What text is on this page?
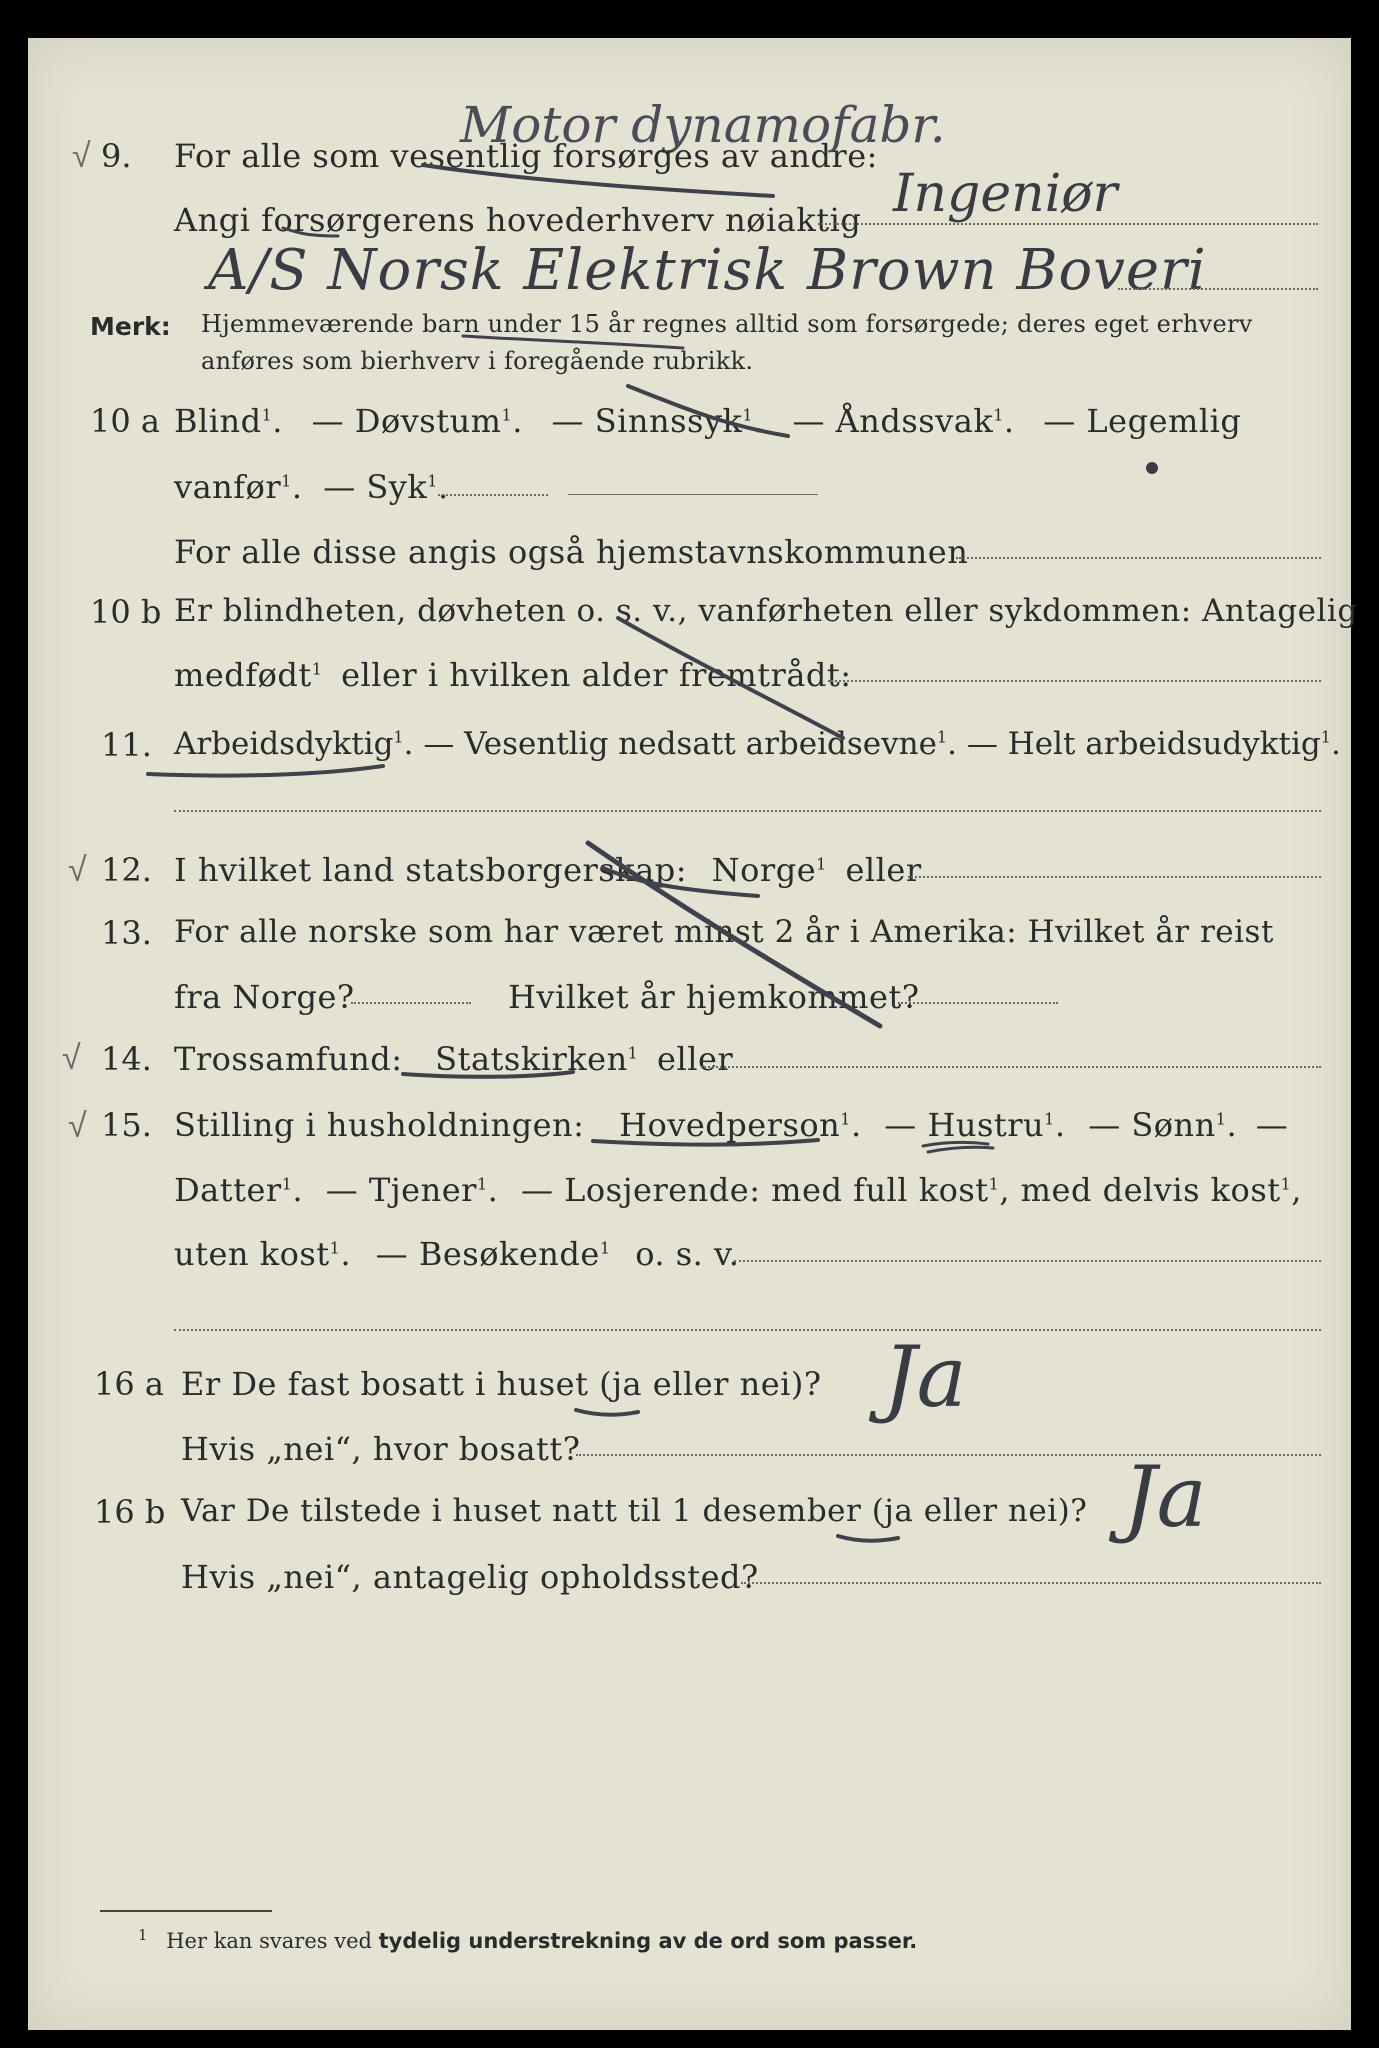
Motor dynamofabr.
√ 9. For alle som vesentlig forsørges av andre:
Ingeniør
Angi forsørgerens hovederhverv nøiaktig
A/S Norsk Elektrisk Brown Boveri
Merk: Hjemmeværende barn under 15 år regnes alltid som forsørgede; deres eget erhverv
anføres som bierhverv i foregående rubrikk.
10 a Blind$^1$. — Døvstum$^1$. — Sinnssyk$^1$. — Åndssvak$^1$. — Legemlig
vanfør$^1$. — Syk$^1$.
For alle disse angis også hjemstavnskommunen
10 b Er blindheten, døvheten o. s. v., vanførheten eller sykdommen: Antagelig
medfødt$^1$ eller i hvilken alder fremtrådt:
11. Arbeidsdyktig$^1$. — Vesentlig nedsatt arbeidsevne$^1$. — Helt arbeidsudyktig$^1$.
√ 12. I hvilket land statsborgerskap: Norge$^1$ eller
13. For alle norske som har været minst 2 år i Amerika: Hvilket år reist
fra Norge?	Hvilket år hjemkommet?
√ 14. Trossamfund: Statskirken$^1$ eller
√ 15. Stilling i husholdningen: Hovedperson$^1$. — Hustru$^1$. — Sønn$^1$. —
Datter$^1$. — Tjener$^1$. — Losjerende: med full kost$^1$, med delvis kost$^1$,
uten kost$^1$. — Besøkende$^1$ o. s. v.
16 a Er De fast bosatt i huset (ja eller nei)? Ja
Hvis „nei“, hvor bosatt?
16 b Var De tilstede i huset natt til 1 desember (ja eller nei)? Ja
Hvis „nei“, antagelig opholdssted?
$^1$ Her kan svares ved tydelig understrekning av de ord som passer.
